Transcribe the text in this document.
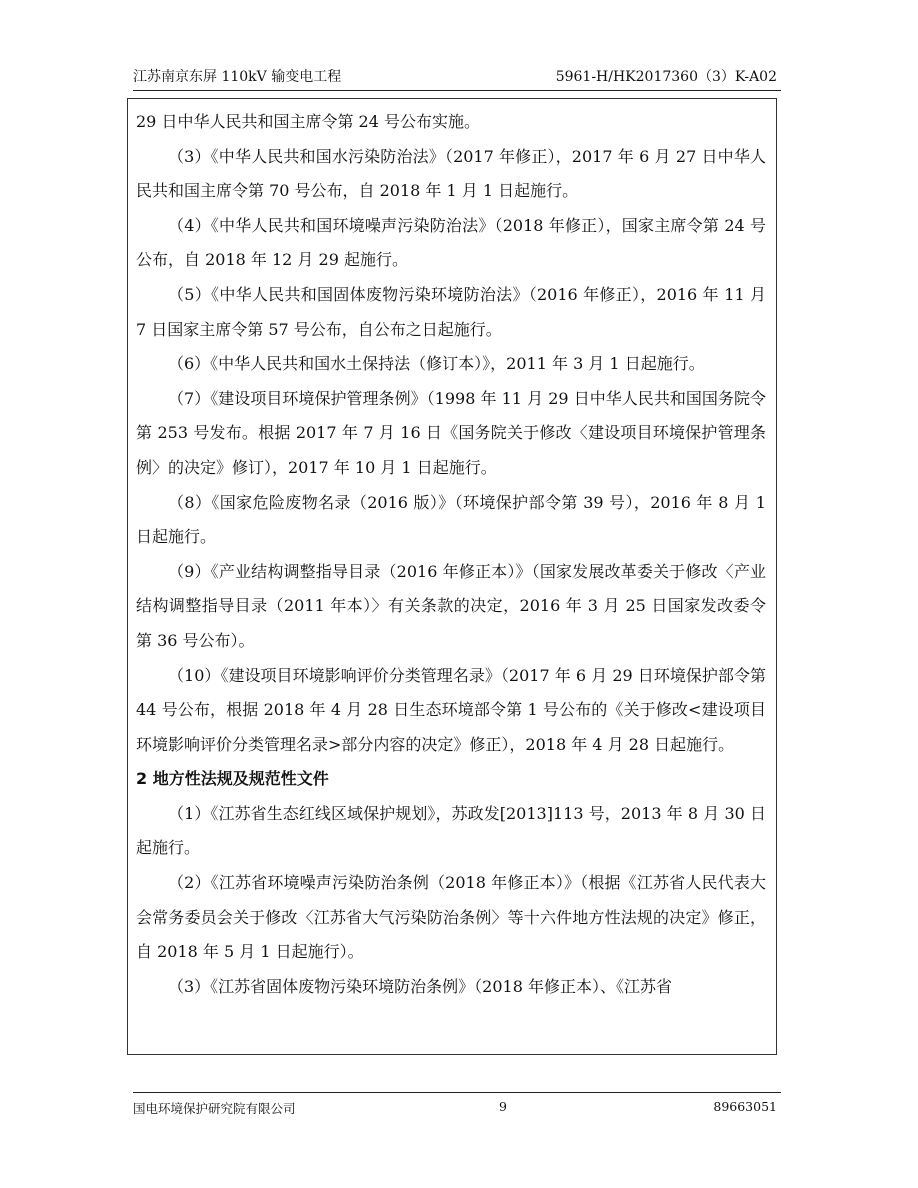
江苏南京东屏 110kV 输变电工程	5961-H/HK2017360（3）K-A02

29 日中华人民共和国主席令第 24 号公布实施。

（3）《中华人民共和国水污染防治法》（2017 年修正），2017 年 6 月 27 日中华人民共和国主席令第 70 号公布，自 2018 年 1 月 1 日起施行。

（4）《中华人民共和国环境噪声污染防治法》（2018 年修正），国家主席令第 24 号公布，自 2018 年 12 月 29 起施行。

（5）《中华人民共和国固体废物污染环境防治法》（2016 年修正），2016 年 11 月 7 日国家主席令第 57 号公布，自公布之日起施行。

（6）《中华人民共和国水土保持法（修订本）》，2011 年 3 月 1 日起施行。

（7）《建设项目环境保护管理条例》（1998 年 11 月 29 日中华人民共和国国务院令第 253 号发布。根据 2017 年 7 月 16 日《国务院关于修改〈建设项目环境保护管理条例〉的决定》修订），2017 年 10 月 1 日起施行。

（8）《国家危险废物名录（2016 版）》（环境保护部令第 39 号），2016 年 8 月 1 日起施行。

（9）《产业结构调整指导目录（2016 年修正本）》（国家发展改革委关于修改〈产业结构调整指导目录（2011 年本）〉有关条款的决定，2016 年 3 月 25 日国家发改委令第 36 号公布）。

（10）《建设项目环境影响评价分类管理名录》（2017 年 6 月 29 日环境保护部令第 44 号公布，根据 2018 年 4 月 28 日生态环境部令第 1 号公布的《关于修改<建设项目环境影响评价分类管理名录>部分内容的决定》修正），2018 年 4 月 28 日起施行。

2 地方性法规及规范性文件

（1）《江苏省生态红线区域保护规划》，苏政发[2013]113 号，2013 年 8 月 30 日起施行。

（2）《江苏省环境噪声污染防治条例（2018 年修正本）》（根据《江苏省人民代表大会常务委员会关于修改〈江苏省大气污染防治条例〉等十六件地方性法规的决定》修正，自 2018 年 5 月 1 日起施行）。

（3）《江苏省固体废物污染环境防治条例》（2018 年修正本）、《江苏省

国电环境保护研究院有限公司	9	89663051
